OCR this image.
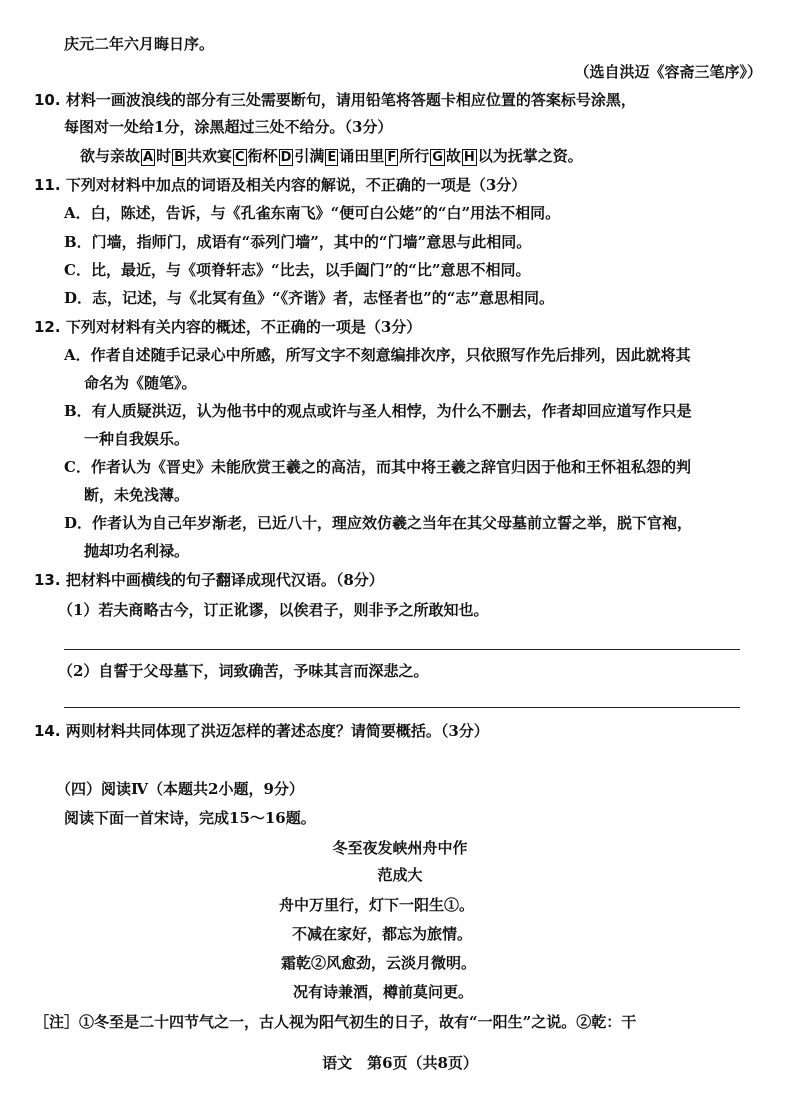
庆元二年六月晦日序。
（选自洪迈《容斋三笔序》）
10. 材料一画波浪线的部分有三处需要断句，请用铅笔将答题卡相应位置的答案标号涂黑，
每图对一处给1分，涂黑超过三处不给分。（3分）
欲与亲故 A 时 B 共欢宴 C 衔杯 D 引满 E 诵田里 F 所行 G 故 H 以为抚掌之资。
11. 下列对材料中加点的词语及相关内容的解说，不正确的一项是（3分）
A．白，陈述，告诉，与《孔雀东南飞》“便可白公姥”的“白”用法不相同。
B．门墙，指师门，成语有“忝列门墙”，其中的“门墙”意思与此相同。
C．比，最近，与《项脊轩志》“比去，以手阖门”的“比”意思不相同。
D．志，记述，与《北冥有鱼》“《齐谐》者，志怪者也”的“志”意思相同。
12. 下列对材料有关内容的概述，不正确的一项是（3分）
A．作者自述随手记录心中所感，所写文字不刻意编排次序，只依照写作先后排列，因此就将其
命名为《随笔》。
B．有人质疑洪迈，认为他书中的观点或许与圣人相悖，为什么不删去，作者却回应道写作只是
一种自我娱乐。
C．作者认为《晋史》未能欣赏王羲之的高洁，而其中将王羲之辞官归因于他和王怀祖私怨的判
断，未免浅薄。
D．作者认为自己年岁渐老，已近八十，理应效仿羲之当年在其父母墓前立誓之举，脱下官袍，
抛却功名利禄。
13. 把材料中画横线的句子翻译成现代汉语。（8分）
（1）若夫商略古今，订正讹谬，以俟君子，则非予之所敢知也。
（2）自誓于父母墓下，词致确苦，予味其言而深悲之。
14. 两则材料共同体现了洪迈怎样的著述态度？请简要概括。（3分）
（四）阅读Ⅳ（本题共2小题，9分）
阅读下面一首宋诗，完成15～16题。
冬至夜发峡州舟中作
范成大
舟中万里行，灯下一阳生①。
不减在家好，都忘为旅情。
霜乾②风愈劲，云淡月微明。
况有诗兼酒，樽前莫问更。
［注］①冬至是二十四节气之一，古人视为阳气初生的日子，故有“一阳生”之说。②乾：干
语文　第6页（共8页）
